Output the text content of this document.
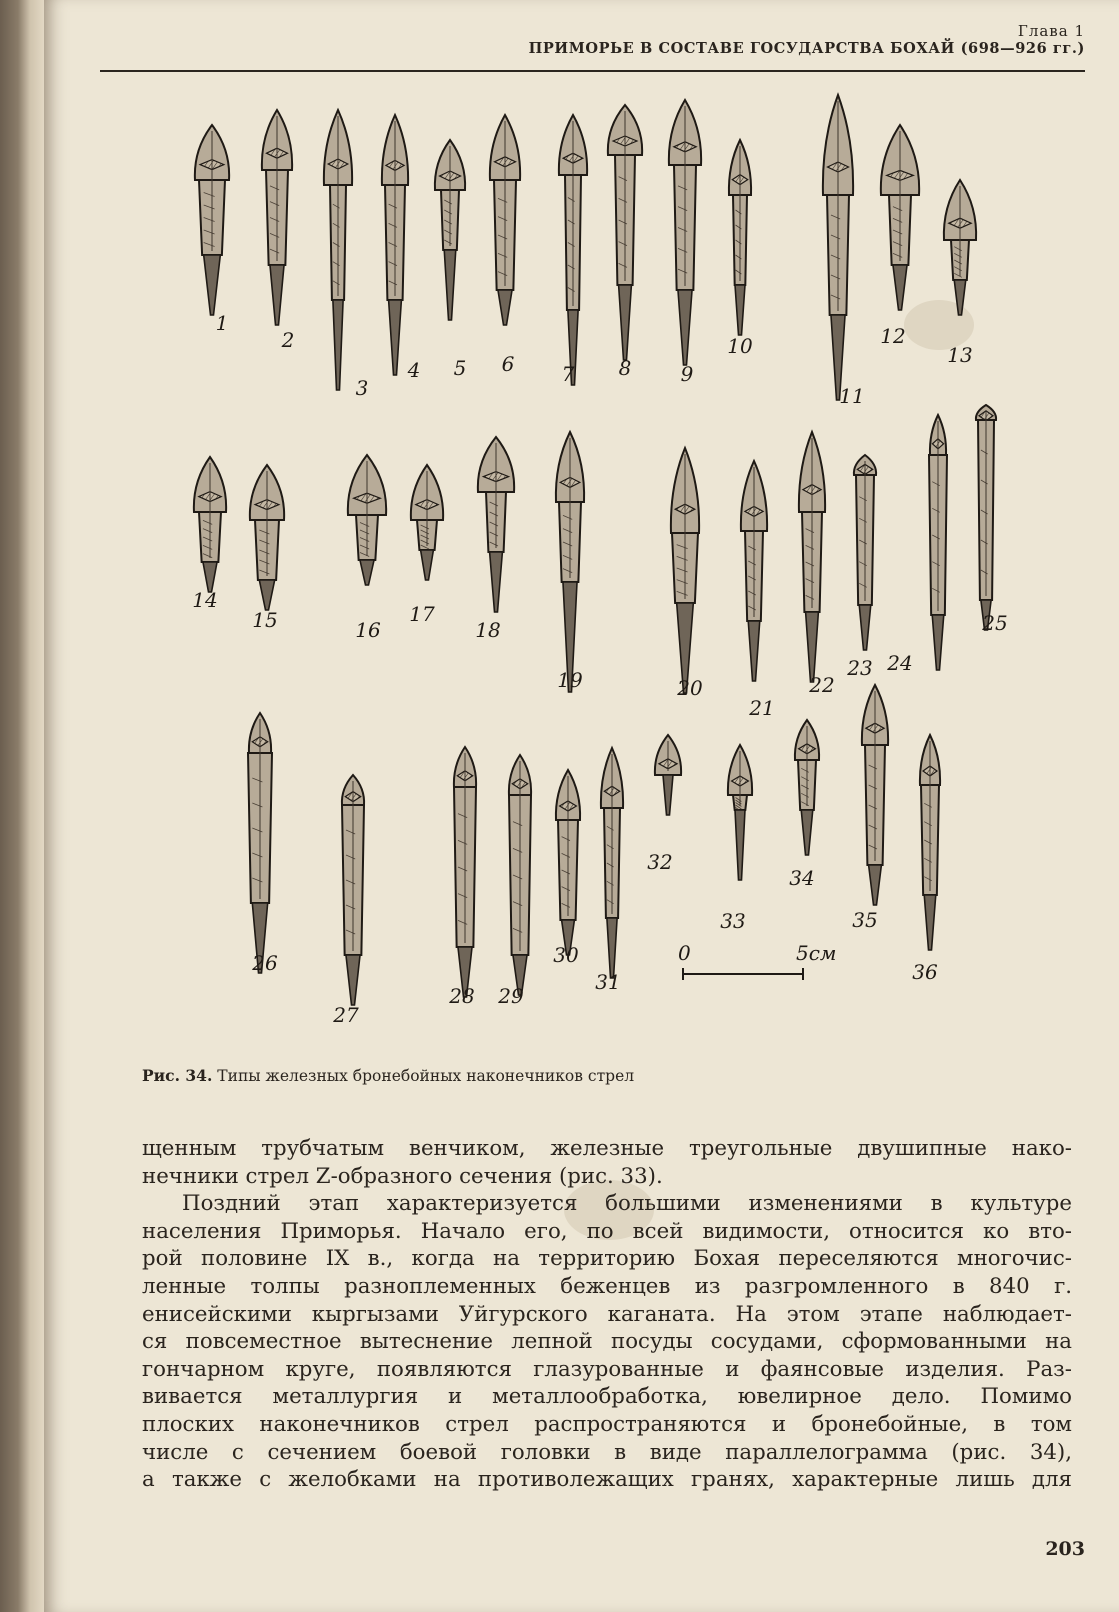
Глава 1
ПРИМОРЬЕ В СОСТАВЕ ГОСУДАРСТВА БОХАЙ (698—926 гг.)
1
2
3
4 5 6 7 8 9
10
11
12
13
14
15	16
17
18
19	20
21
22
23 24
25
26
27
28 29
30
31
32
33
34
35
36
0	5см
Рис. 34. Типы железных бронебойных наконечников стрел

щенным трубчатым венчиком, железные треугольные двушипные нако-

нечники стрел Z-образного сечения (рис. 33).

Поздний этап характеризуется большими изменениями в культуре

населения Приморья. Начало его, по всей видимости, относится ко вто-

рой половине IX в., когда на территорию Бохая переселяются многочис-

ленные толпы разноплеменных беженцев из разгромленного в 840 г.

енисейскими кыргызами Уйгурского каганата. На этом этапе наблюдает-

ся повсеместное вытеснение лепной посуды сосудами, сформованными на

гончарном круге, появляются глазурованные и фаянсовые изделия. Раз-

вивается металлургия и металлообработка, ювелирное дело. Помимо

плоских наконечников стрел распространяются и бронебойные, в том

числе с сечением боевой головки в виде параллелограмма (рис. 34),

а также с желобками на противолежащих гранях, характерные лишь для

203
